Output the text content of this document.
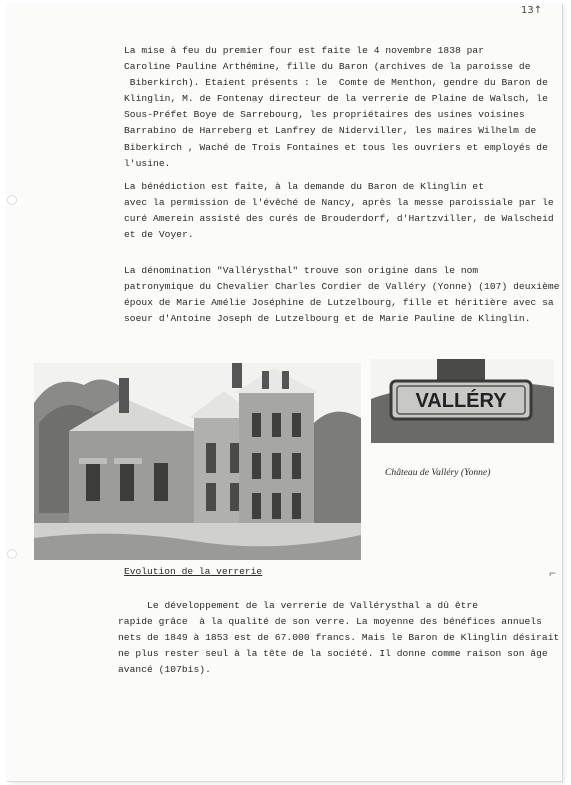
13↑
La mise à feu du premier four est faite le 4 novembre 1838 par
Caroline Pauline Arthémine, fille du Baron (archives de la paroisse de
Biberkirch). Etaient présents : le  Comte de Menthon, gendre du Baron de
Klinglin, M. de Fontenay directeur de la verrerie de Plaine de Walsch, le
Sous-Préfet Boye de Sarrebourg, les propriétaires des usines voisines
Barrabino de Harreberg et Lanfrey de Niderviller, les maires Wilhelm de
Biberkirch , Waché de Trois Fontaines et tous les ouvriers et employés de
l'usine.
La bénédiction est faite, à la demande du Baron de Klinglin et
avec la permission de l'évêché de Nancy, après la messe paroissiale par le
curé Amerein assisté des curés de Brouderdorf, d'Hartzviller, de Walscheid
et de Voyer.
La dénomination "Vallérysthal" trouve son origine dans le nom
patronymique du Chevalier Charles Cordier de Valléry (Yonne) (107) deuxième
époux de Marie Amélie Joséphine de Lutzelbourg, fille et héritière avec sa
soeur d'Antoine Joseph de Lutzelbourg et de Marie Pauline de Klinglin.
VALLÉRY
Château de Valléry (Yonne)
Evolution de la verrerie	⌐
Le développement de la verrerie de Vallérysthal a dû être
rapide grâce  à la qualité de son verre. La moyenne des bénéfices annuels
nets de 1849 à 1853 est de 67.000 francs. Mais le Baron de Klinglin désirait
ne plus rester seul à la tête de la société. Il donne comme raison son âge
avancé (107bis).
